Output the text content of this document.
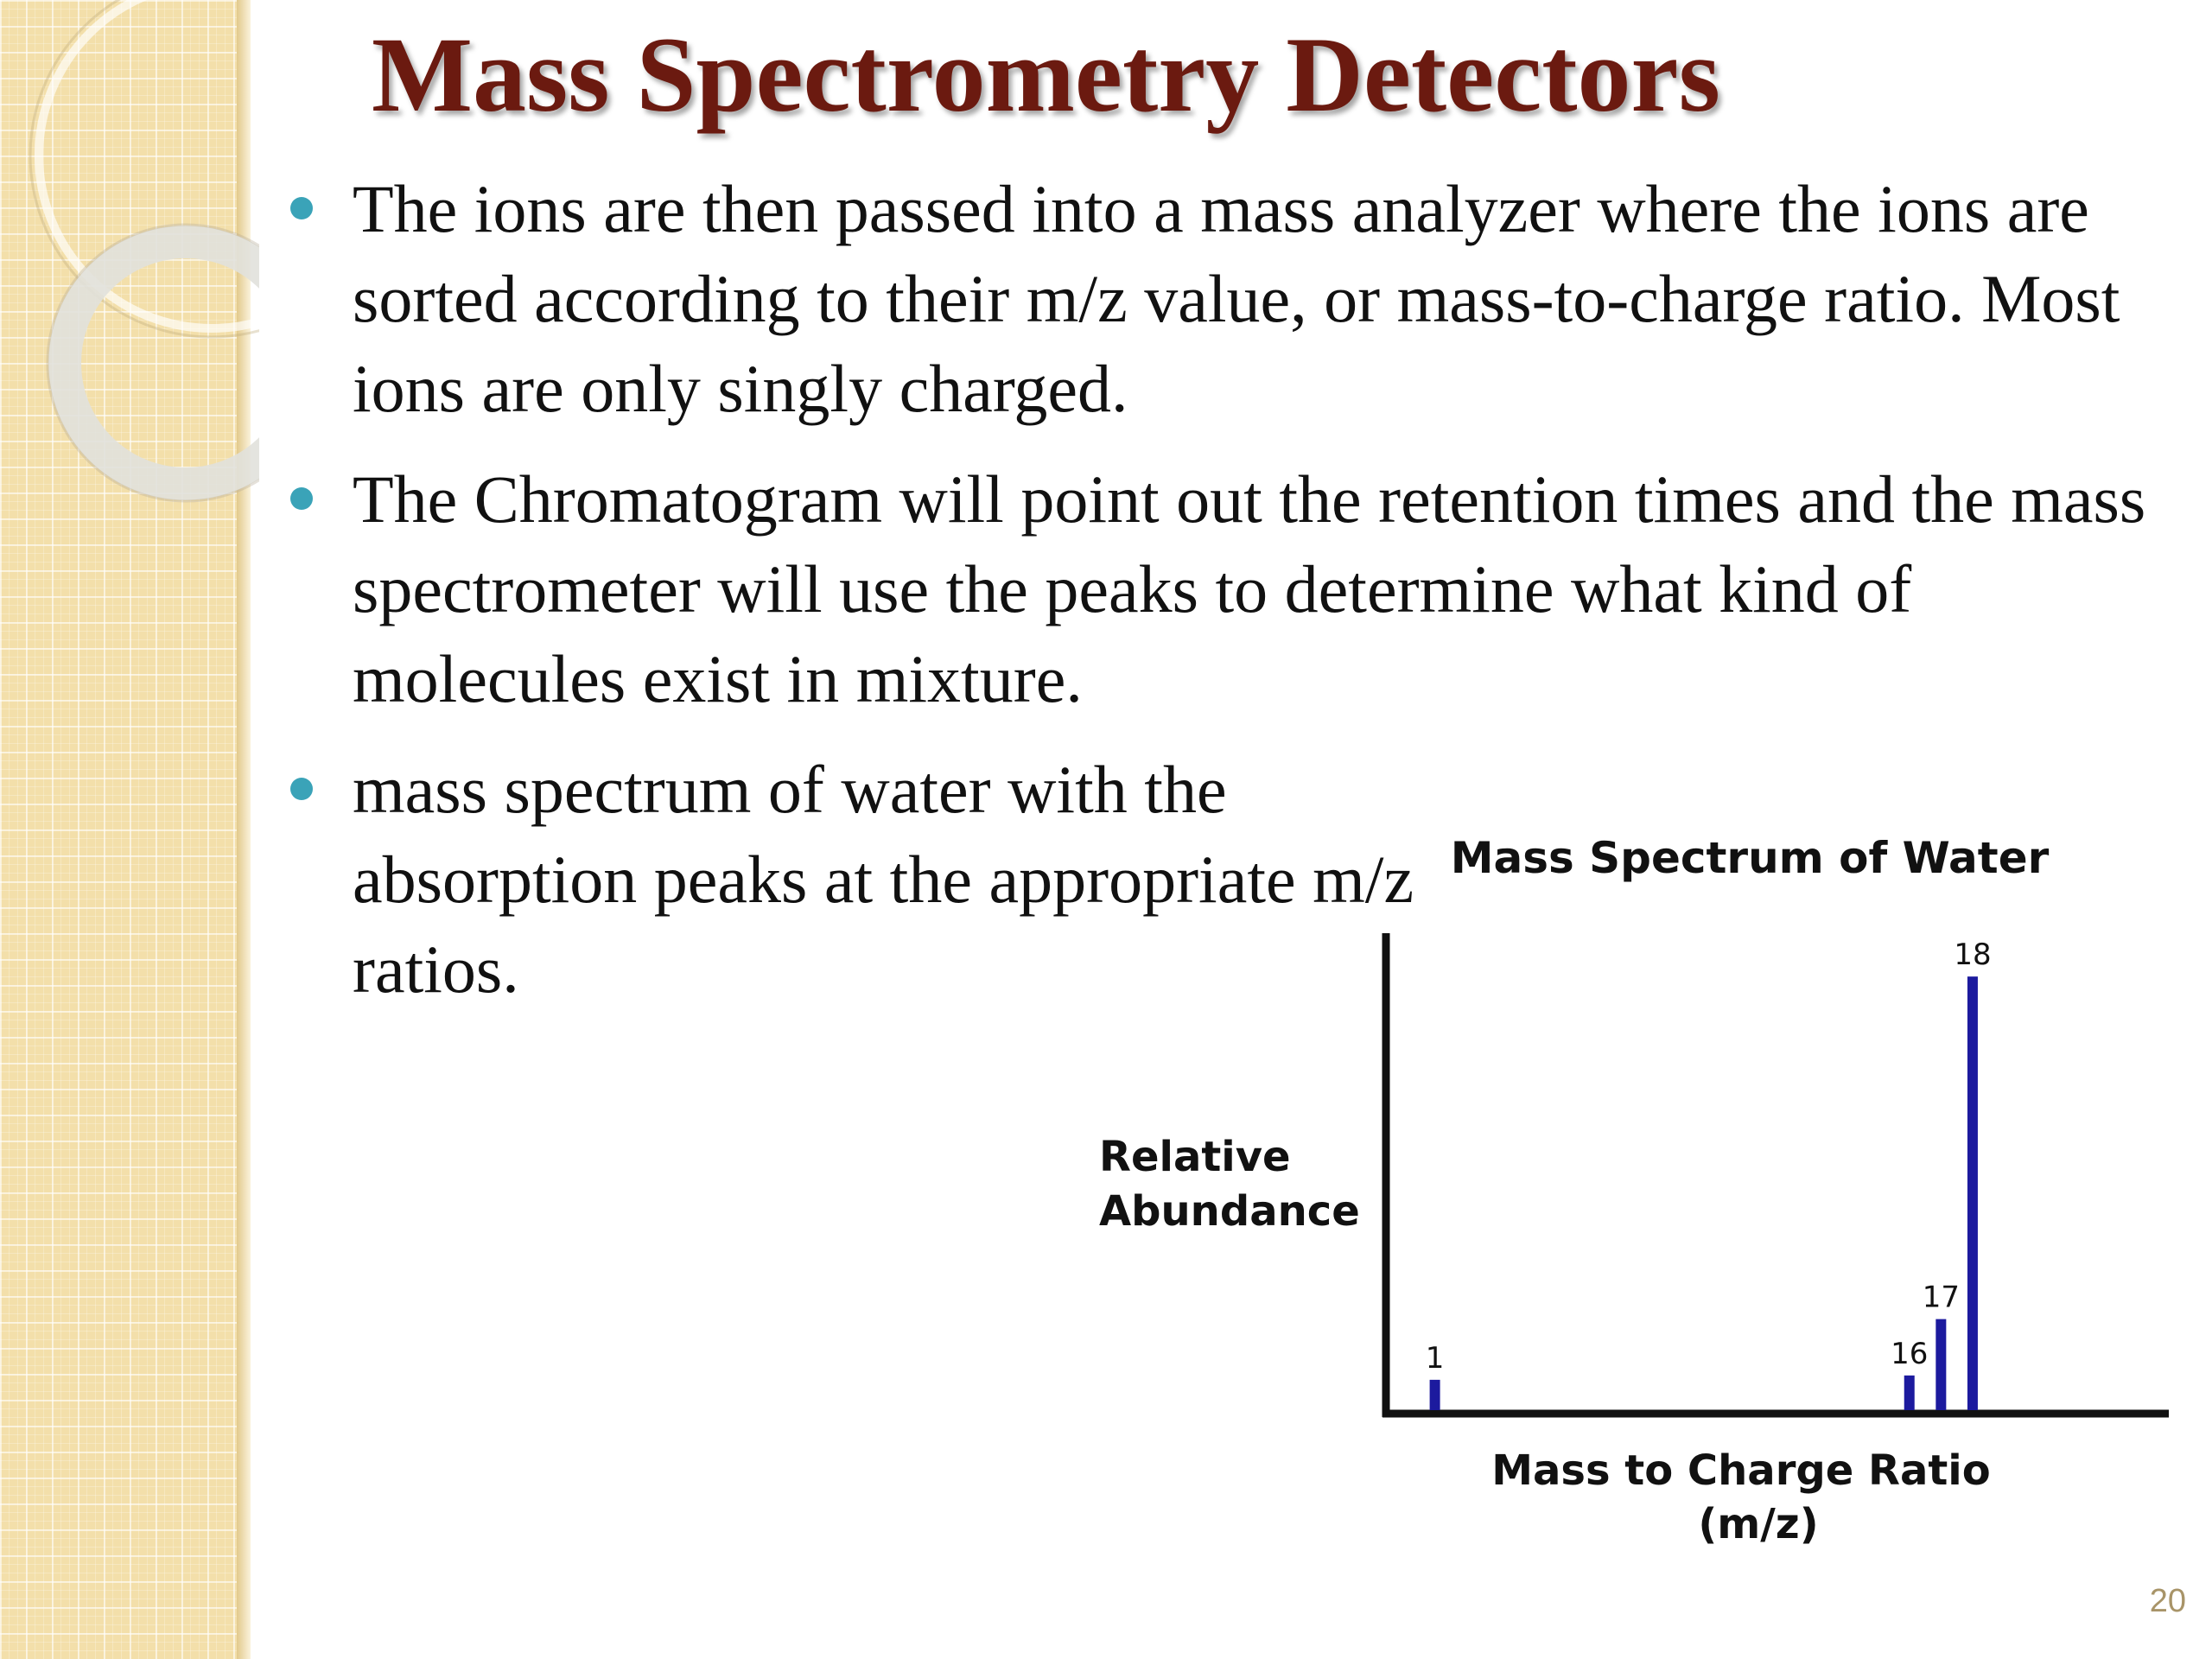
Mass Spectrometry Detectors
The ions are then passed into a mass analyzer where the ions are sorted according to their m/z value, or mass-to-charge ratio. Most ions are only singly charged.
The Chromatogram will point out the retention times and the mass spectrometer will use the peaks to determine what kind of molecules exist in mixture.
mass spectrum of water with the absorption peaks at the appropriate m/z ratios.
Mass Spectrum of Water
Relative
Abundance
Mass to Charge Ratio
(m/z)
1	16
17
18
20
